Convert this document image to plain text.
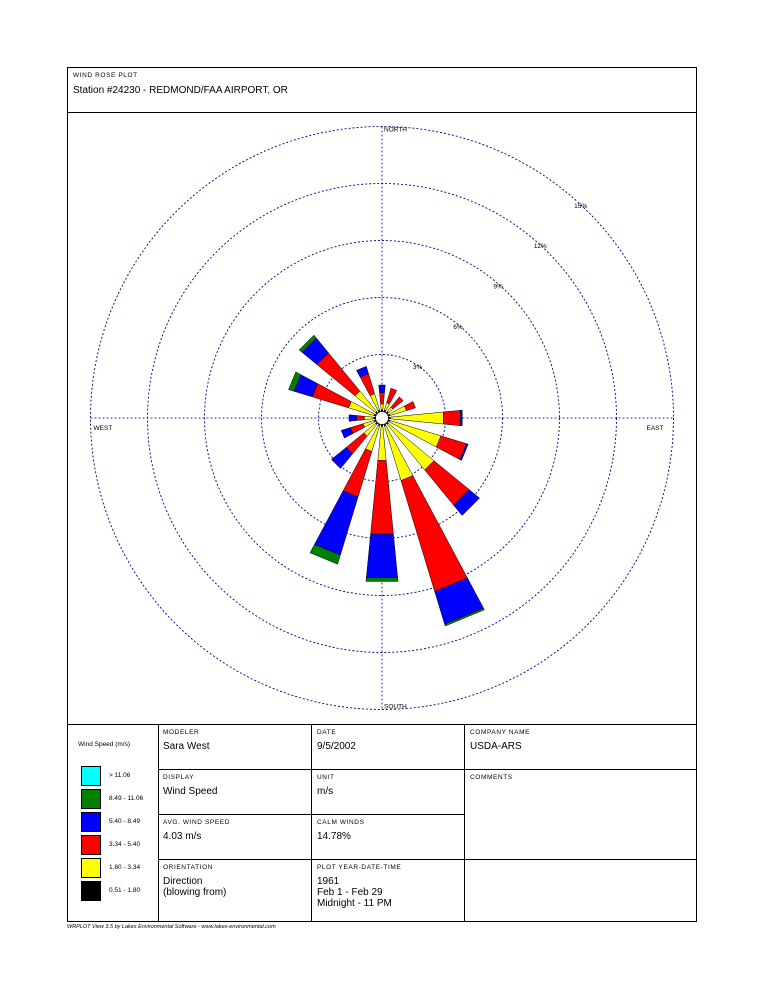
WIND ROSE PLOT
Station #24230 - REDMOND/FAA AIRPORT, OR
3%
6%
9%
12%
15%
NORTH
SOUTH
EAST
WEST
Wind Speed (m/s)
> 11.06
8.49 - 11.06
5.40 - 8.49
3.34 - 5.40
1.80 - 3.34
0.51 - 1.80
MODELER
Sara West
DATE
9/5/2002
COMPANY NAME
USDA-ARS
DISPLAY
Wind Speed
UNIT
m/s
COMMENTS
AVG. WIND SPEED
4.03 m/s
CALM WINDS
14.78%
ORIENTATION
Direction
(blowing from)
PLOT YEAR-DATE-TIME
1961
Feb 1 - Feb 29
Midnight - 11 PM
WRPLOT View 3.5 by Lakes Environmental Software - www.lakes-environmental.com
